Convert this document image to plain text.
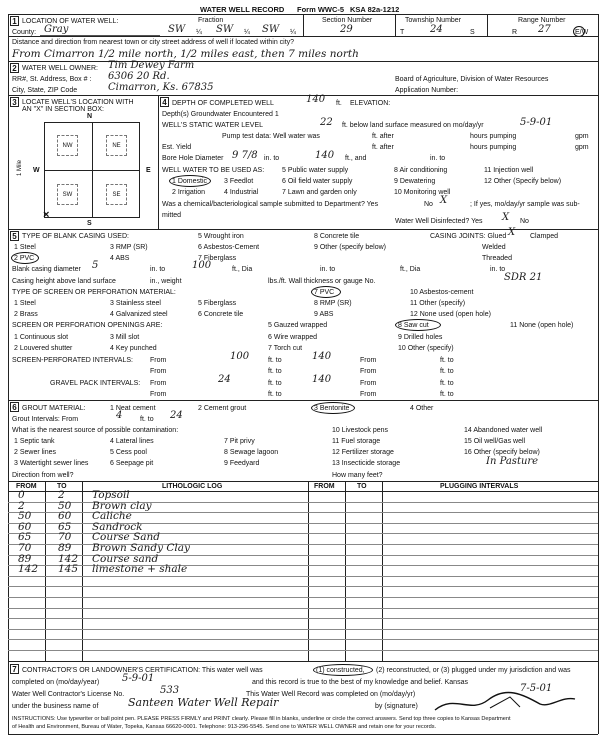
WATER WELL RECORD Form WWC-5 KSA 82a-1212
1 LOCATION OF WATER WELL:	Fraction	Section Number	Township Number	Range Number
County: Gray	SW ¼ SW ¼ SW ¼	29	T	24	S	R 27	E/W
Distance and direction from nearest town or city street address of well if located within city?
From Cimarron 1/2 mile north, 1/2 miles east, then 7 miles north
2 WATER WELL OWNER: Tim Dewey Farm
RR#, St. Address, Box # : 6306 20 Rd.	Board of Agriculture, Division of Water Resources
City, State, ZIP Code	Cimarron, Ks. 67835	Application Number:
3 LOCATE WELL'S LOCATION WITH
AN "X" IN SECTION BOX:
N
S
W	E
1 Mile
NW	NE
SW	SE
×
4 DEPTH OF COMPLETED WELL	140 ft. ELEVATION:
Depth(s) Groundwater Encountered 1
WELL'S STATIC WATER LEVEL	22 ft. below land surface measured on mo/day/yr	5-9-01
Pump test data: Well water was	ft. after	hours pumping	gpm
Est. Yield	ft. after	hours pumping	gpm
Bore Hole Diameter 9 7/8 in. to	140 ft., and	in. to
WELL WATER TO BE USED AS:
1 Domestic
2 Irrigation
3 Feedlot
4 Industrial
5 Public water supply
6 Oil field water supply
7 Lawn and garden only
8 Air conditioning
9 Dewatering
10 Monitoring well
11 Injection well
12 Other (Specify below)
Was a chemical/bacteriological sample submitted to Department? Yes	No X	; If yes, mo/day/yr sample was sub-
mitted
Water Well Disinfected? Yes X No
5 TYPE OF BLANK CASING USED:
1 Steel
2 PVC
3 RMP (SR)
4 ABS
5 Wrought iron
6 Asbestos-Cement
7 Fiberglass
8 Concrete tile
9 Other (specify below)
CASING JOINTS: Glued X Clamped
Welded
Threaded
Blank casing diameter 5	in. to	100	ft., Dia	in. to	ft., Dia	in. to
Casing height above land surface	in., weight	lbs./ft. Wall thickness or gauge No.	SDR 21
TYPE OF SCREEN OR PERFORATION MATERIAL:
1 Steel
2 Brass
3 Stainless steel
4 Galvanized steel
5 Fiberglass
6 Concrete tile
7 PVC
8 RMP (SR)
9 ABS
10 Asbestos-cement
11 Other (specify)
12 None used (open hole)
SCREEN OR PERFORATION OPENINGS ARE:
1 Continuous slot
2 Louvered shutter
3 Mill slot
4 Key punched
5 Gauzed wrapped
6 Wire wrapped
7 Torch cut
8 Saw cut
9 Drilled holes
10 Other (specify)
11 None (open hole)
SCREEN-PERFORATED INTERVALS: From	100	ft. to	140	From	ft. to
From	ft. to	From	ft. to
GRAVEL PACK INTERVALS: From	24	ft. to	140	From	ft. to
From	ft. to	From	ft. to
6 GROUT MATERIAL:	1 Neat cement	2 Cement grout	3 Bentonite	4 Other
Grout Intervals: From	4	ft. to 24
What is the nearest source of possible contamination:
1 Septic tank
2 Sewer lines
3 Watertight sewer lines
4 Lateral lines
5 Cess pool
6 Seepage pit
7 Pit privy
8 Sewage lagoon
9 Feedyard
10 Livestock pens
11 Fuel storage
12 Fertilizer storage
13 Insecticide storage
14 Abandoned water well
15 Oil well/Gas well
16 Other (specify below)
In Pasture
Direction from well?	How many feet?
FROM	TO	LITHOLOGIC LOG	FROM	TO	PLUGGING INTERVALS
0	2	Topsoil
2	50 Brown clay
50	60 Caliche
60	65 Sandrock
65	70 Course Sand
70	89 Brown Sandy Clay
89	142 Course sand
142 145 limestone + shale
7 CONTRACTOR'S OR LANDOWNER'S CERTIFICATION: This water well was	(1) constructed, (2) reconstructed, or (3) plugged under my jurisdiction and was
completed on (mo/day/year) 5-9-01	and this record is true to the best of my knowledge and belief. Kansas
Water Well Contractor's License No.	533	This Water Well Record was completed on (mo/day/yr)
7-5-01
under the business name of	Santeen Water Well Repair	by (signature)
INSTRUCTIONS: Use typewriter or ball point pen. PLEASE PRESS FIRMLY and PRINT clearly. Please fill in blanks, underline or circle the correct answers. Send top three copies to Kansas Department
of Health and Environment, Bureau of Water, Topeka, Kansas 66620-0001. Telephone: 913-296-5545. Send one to WATER WELL OWNER and retain one for your records.
